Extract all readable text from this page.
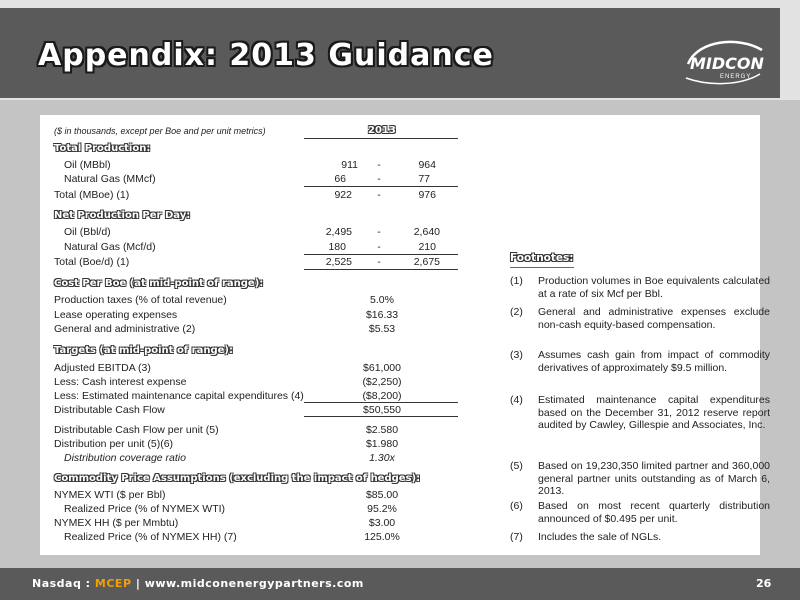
Appendix: 2013 Guidance	MIDCON
ENERGY
($ in thousands, except per Boe and per unit metrics)	2013
Total Production:
Oil (MBbl)	911	-	964
Natural Gas (MMcf)	66	-	77
Total (MBoe) (1)	922	-	976
Net Production Per Day:
Oil (Bbl/d)	2,495	-	2,640
Natural Gas (Mcf/d)	180	-	210
Total (Boe/d) (1)	2,525	-	2,675
Cost Per Boe (at mid-point of range):
Production taxes (% of total revenue)	5.0%
Lease operating expenses	$16.33
General and administrative (2)	$5.53
Targets (at mid-point of range):
Adjusted EBITDA (3)	$61,000
Less: Cash interest expense	($2,250)
Less: Estimated maintenance capital expenditures (4)	($8,200)
Distributable Cash Flow	$50,550
Distributable Cash Flow per unit (5)	$2.580
Distribution per unit (5)(6)	$1.980
Distribution coverage ratio	1.30x
Commodity Price Assumptions (excluding the impact of hedges):
NYMEX WTI ($ per Bbl)	$85.00
Realized Price (% of NYMEX WTI)	95.2%
NYMEX HH ($ per Mmbtu)	$3.00
Realized Price (% of NYMEX HH) (7)	125.0%
Footnotes:
(1) Production volumes in Boe equivalents calculated at a rate of six Mcf per Bbl.
(2) General and administrative expenses exclude non-cash equity-based compensation.
(3) Assumes cash gain from impact of commodity derivatives of approximately $9.5 million.
(4) Estimated maintenance capital expenditures based on the December 31, 2012 reserve report audited by Cawley, Gillespie and Associates, Inc.
(5) Based on 19,230,350 limited partner and 360,000 general partner units outstanding as of March 6, 2013.
(6) Based on most recent quarterly distribution announced of $0.495 per unit.
(7) Includes the sale of NGLs.
Nasdaq : MCEP | www.midconenergypartners.com	26
